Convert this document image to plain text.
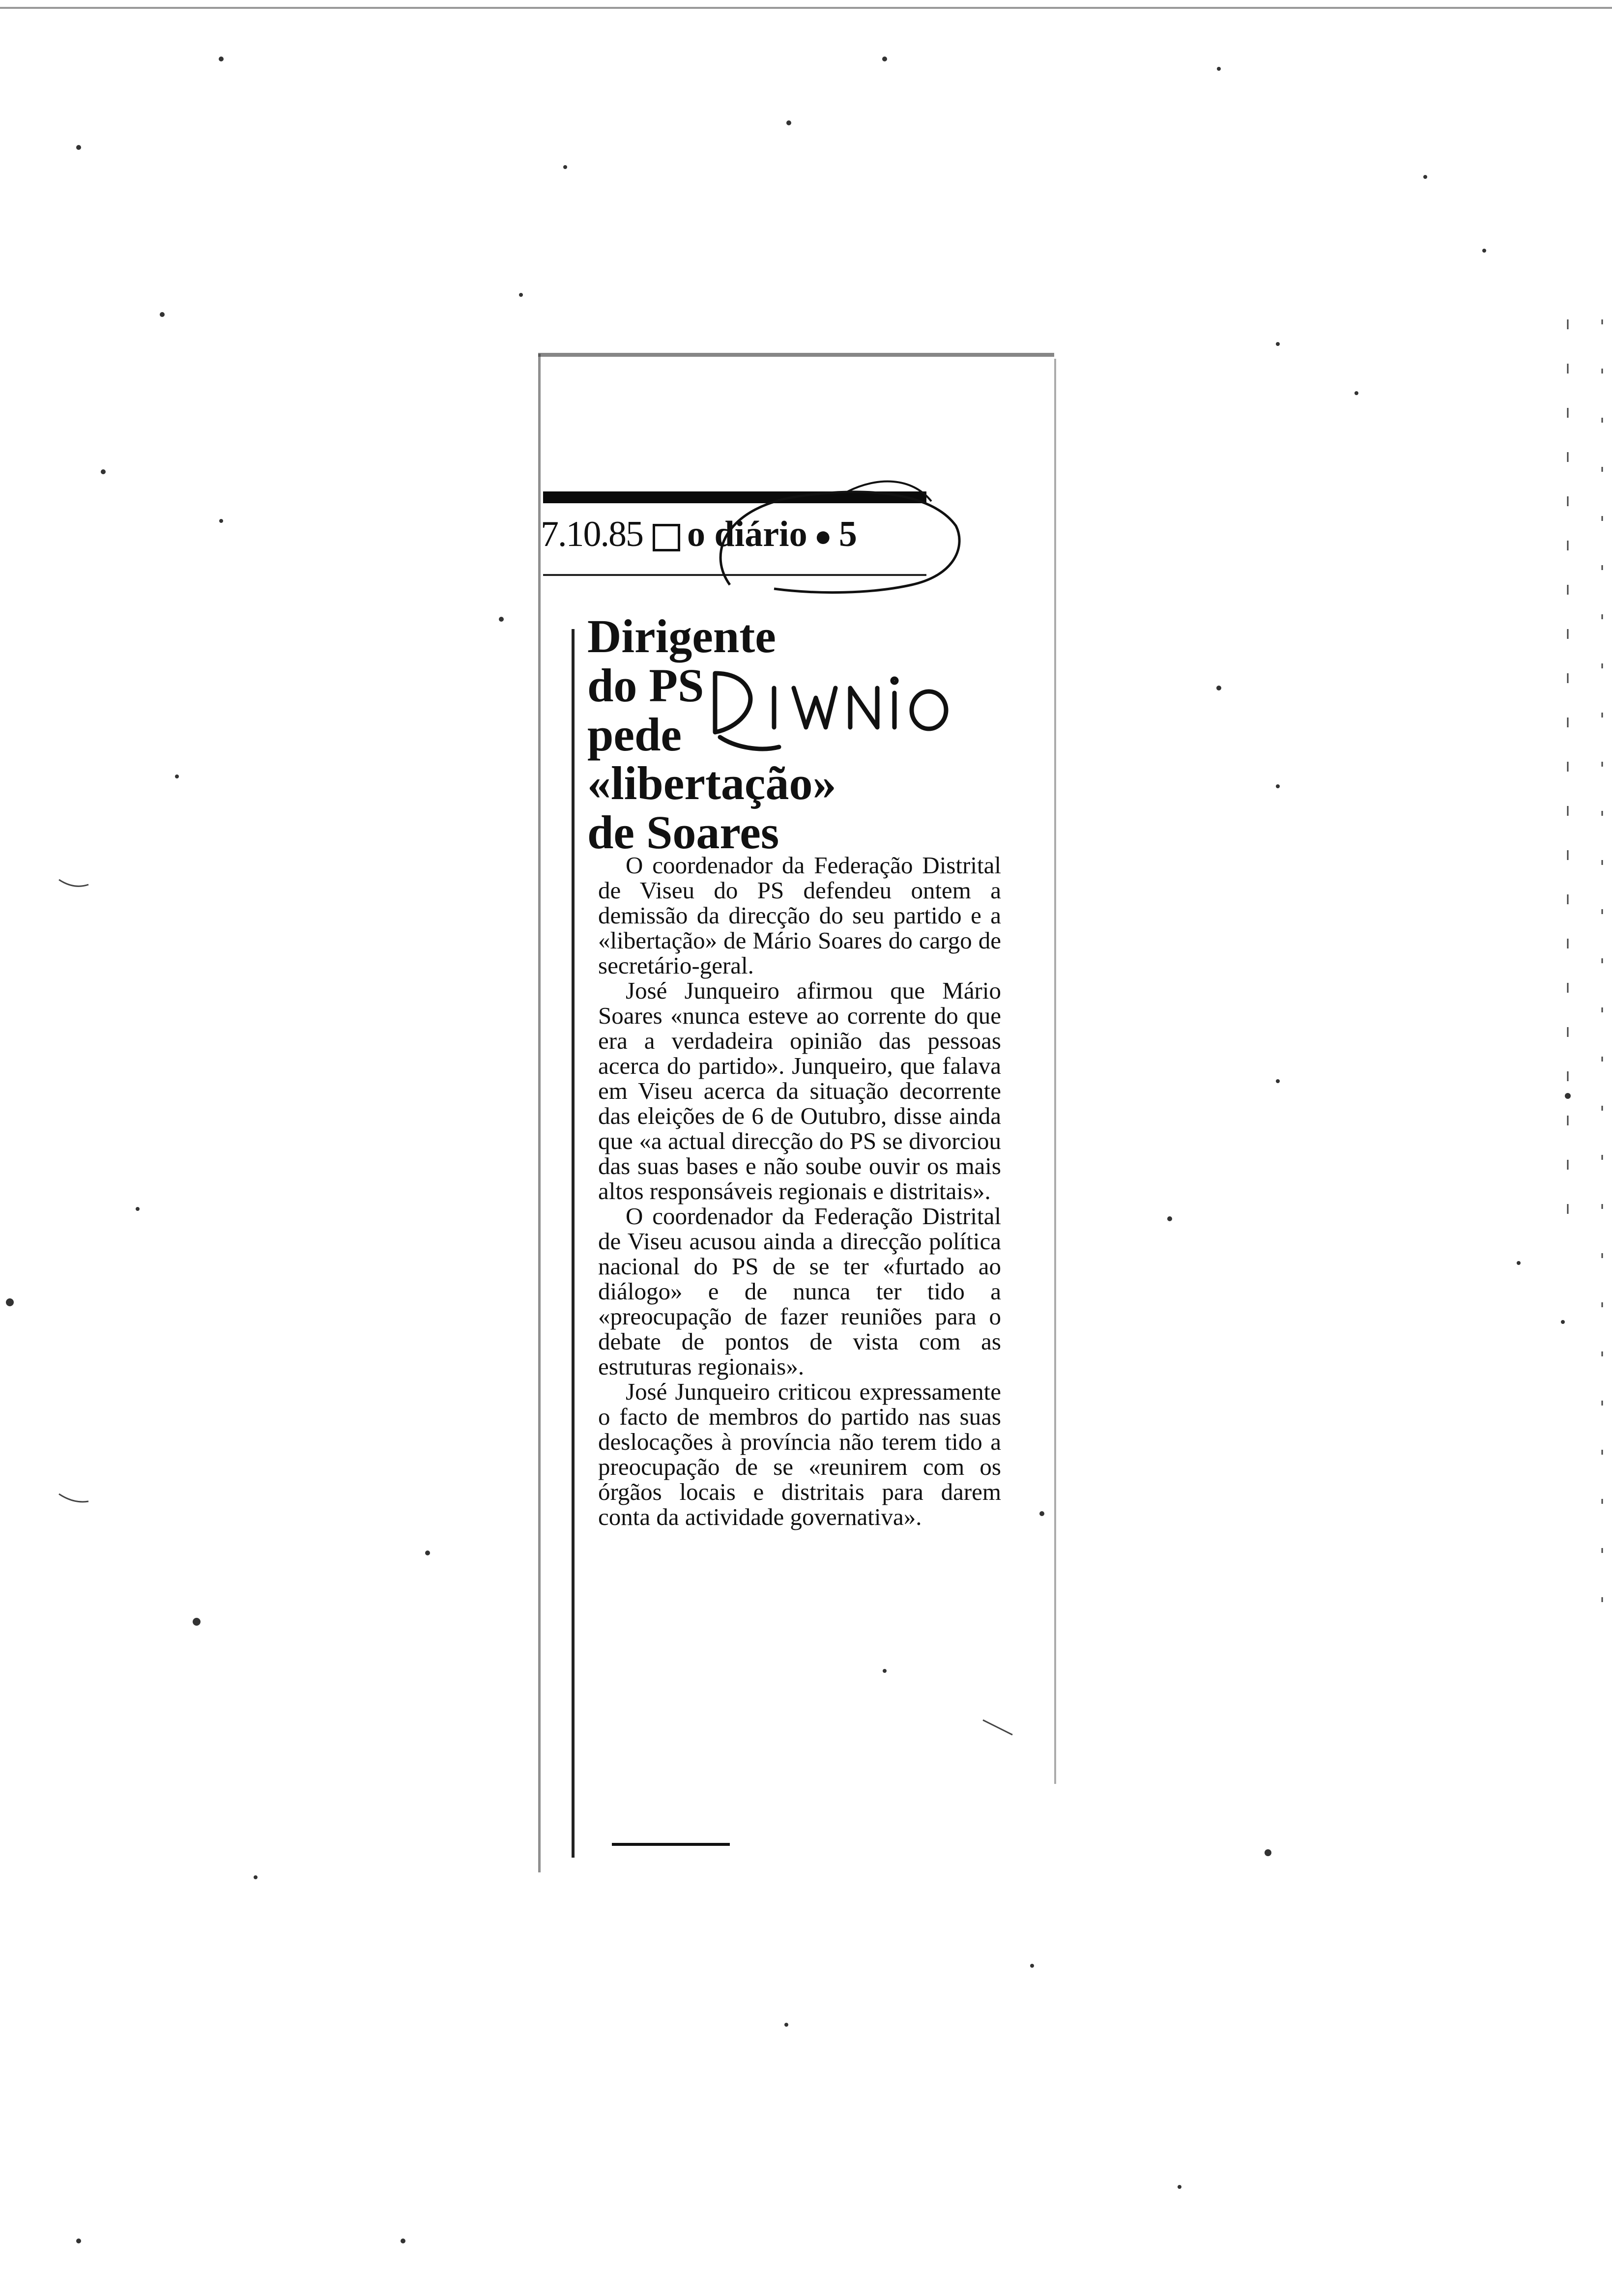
7.10.85 o diário ● 5
Dirigente
do PS
pede
«libertação»
de Soares

O coordenador da Federação Distrital de Viseu do PS defendeu ontem a demissão da direcção do seu partido e a «libertação» de Mário Soares do cargo de secretário-geral.

José Junqueiro afirmou que Mário Soares «nunca esteve ao corrente do que era a verdadeira opinião das pessoas acerca do partido». Junqueiro, que falava em Viseu acerca da situação decorrente das eleições de 6 de Outubro, disse ainda que «a actual direcção do PS se divorciou das suas bases e não soube ouvir os mais altos responsáveis regionais e distritais».

O coordenador da Federação Distrital de Viseu acusou ainda a direcção política nacional do PS de se ter «furtado ao diálogo» e de nunca ter tido a «preocupação de fazer reuniões para o debate de pontos de vista com as estruturas regionais».

José Junqueiro criticou expressamente o facto de membros do partido nas suas deslocações à província não terem tido a preocupação de se «reunirem com os órgãos locais e distritais para darem conta da actividade governativa».
